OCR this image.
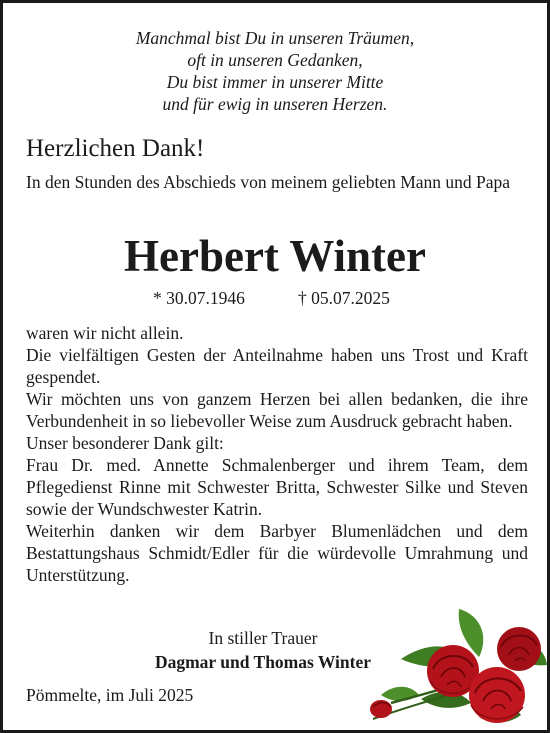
Manchmal bist Du in unseren Träumen,
oft in unseren Gedanken,
Du bist immer in unserer Mitte
und für ewig in unseren Herzen.
Herzlichen Dank!
In den Stunden des Abschieds von meinem geliebten Mann und Papa
Herbert Winter
* 30.07.1946	† 05.07.2025
waren wir nicht allein.
Die vielfältigen Gesten der Anteilnahme haben uns Trost und Kraft gespendet.
Wir möchten uns von ganzem Herzen bei allen bedanken, die ihre Verbundenheit in so liebevoller Weise zum Ausdruck gebracht haben.
Unser besonderer Dank gilt:
Frau Dr. med. Annette Schmalenberger und ihrem Team, dem Pflegedienst Rinne mit Schwester Britta, Schwester Silke und Steven sowie der Wundschwester Katrin.
Weiterhin danken wir dem Barbyer Blumenlädchen und dem Bestattungshaus Schmidt/Edler für die würdevolle Umrahmung und Unterstützung.
In stiller Trauer
Dagmar und Thomas Winter
Pömmelte, im Juli 2025
